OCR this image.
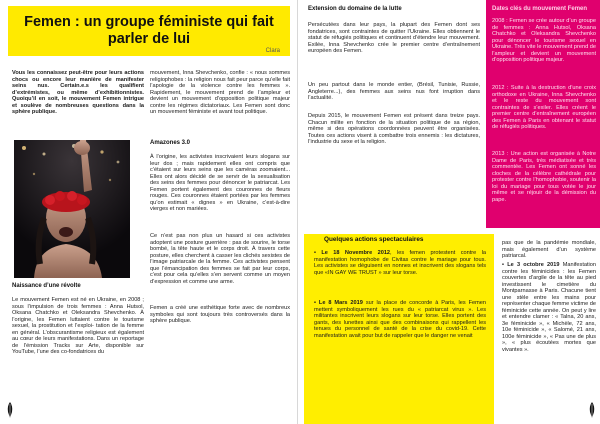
Femen : un groupe féministe qui fait parler de lui
Clara
Vous les connaissez peut-être pour leurs actions chocs ou encore leur manière de manifester seins nus. Certain.e.s les qualifient d’extrémistes, ou même d’exhibitionnistes. Quoiqu’il en soit, le mouvement Femen intrigue et soulève de nombreuses questions dans la sphère publique.
Naissance d’une révolte
Le mouvement Femen est né en Ukraine, en 2008 ; sous l’impulsion de trois femmes : Anna Hutsol, Oksana Chatchko et Oleksandra Shevchenko. À l’origine, les Femen luttaient contre le tourisme sexuel, la prostitution et l’exploi- tation de la femme en général. L’obscurantisme religieux est également au cœur de leurs manifestations. Dans un reportage de l’émission Tracks sur Arte, disponible sur YouTube, l’une des co-fondatrices du
mouvement, Inna Shevchenko, confie : « nous sommes religiophobes : la religion nous fait peur parce qu’elle fait l’apologie de la violence contre les femmes ». Rapidement, le mouvement prend de l’ampleur et devient un mouvement d’opposition politique majeur contre les régimes dictatoriaux. Les Femen sont donc un mouvement féministe et avant tout politique.
Amazones 3.0
À l’origine, les activistes inscrivaient leurs slogans sur leur dos ; mais rapidement elles ont compris que c’étaient sur leurs seins que les caméras zoomaient... Elles ont alors décidé de se servir de la sexualisation des seins des femmes pour dénoncer le patriarcat. Les Femen portent également des couronnes de fleurs rouges. Ces couronnes étaient portées par les femmes qu’on estimait « dignes » en Ukraine, c’est-à-dire vierges et non mariées.
Ce n’est pas non plus un hasard si ces activistes adoptent une posture guerrière : pas de sourire, le torse bombé, la tête haute et le corps droit. À travers cette posture, elles cherchent à casser les clichés sexistes de l’image patriarcale de la femme. Ces activistes pensent que l’émancipation des femmes se fait par leur corps, c’est pour cela qu’elles s’en servent comme un moyen d’expression et comme une arme.
Femen a créé une esthétique forte avec de nombreux symboles qui sont toujours très controversés dans la sphère publique.
Extension du domaine de la lutte
Persécutées dans leur pays, la plupart des Femen dont ses fondatrices, sont contraintes de quitter l’Ukraine. Elles obtiennent le statut de réfugiés politiques et continuent d’étendre leur mouvement. Exilée, Inna Shevchenko crée le premier centre d’entraînement européen des Femen.
Un peu partout dans le monde entier, (Brésil, Tunisie, Russie, Angleterre...), des femmes aux seins nus font irruption dans l’actualité.
Depuis 2015, le mouvement Femen est présent dans treize pays. Chacun milite en fonction de la situation politique de sa région, même si des opérations coordonnées peuvent être organisées. Toutes ces actions visent à combattre trois ennemis : les dictatures, l’industrie du sexe et la religion.
Dates clés du mouvement Femen
2008 : Femen se crée autour d’un groupe de femmes : Anna Hutsol, Oksana Chatchko et Oleksandra Shevchenko pour dénoncer le tourisme sexuel en Ukraine. Très vite le mouvement prend de l’ampleur et devient un mouvement d’opposition politique majeur.
2012 : Suite à la destruction d’une croix orthodoxe en Ukraine, Inna Shevchenko et le reste du mouvement sont contraintes de s’exiler. Elles créent le premier centre d’entraînement européen des Femen à Paris en obtenant le statut de réfugiés politiques.
2013 : Une action est organisée à Notre Dame de Paris, très médiatisée et très commentée. Les Femen ont sonné les cloches de la célèbre cathédrale pour protester contre l’homophobie, soutenir la loi du mariage pour tous votée le jour même et se réjouir de la démission du pape.
Quelques actions spectaculaires
• Le 18 Novembre 2012, les femen protestent contre la manifestation homophobe de Civitas contre le mariage pour tous. Les activistes se déguisent en nonnes et inscrivent des slogans tels que «IN GAY WE TRUST » sur leur torse.
• Le 8 Mars 2019 sur la place de concorde à Paris, les Femen mettent symboliquement les rues du « patriarcat virus ». Les militantes inscrivent leurs slogans sur leur torse. Elles portent des gants, des lunettes ainsi que des combinaisons qui rappellent les tenues du personnel de santé de la crise du covid-19. Cette manifestation avait pour but de rappeler que le danger ne venait
pas que de la pandémie mondiale, mais également d’un système patriarcal.
• Le 3 octobre 2019 Manifestation contre les féminicides : les Femen couvertes d’argile de la tête au pied investissent le cimetière du Montparnasse à Paris. Chacune tient une stèle entre les mains pour représenter chaque femme victime de féminicide cette année. On peut y lire et entendre clamer : « Talna, 20 ans, 3e féminicide », « Michèle, 72 ans, 10e féminicide », « Salomé, 21 ans, 100e féminicide », « Pas une de plus », « plus écoutées mortes que vivantes ».
